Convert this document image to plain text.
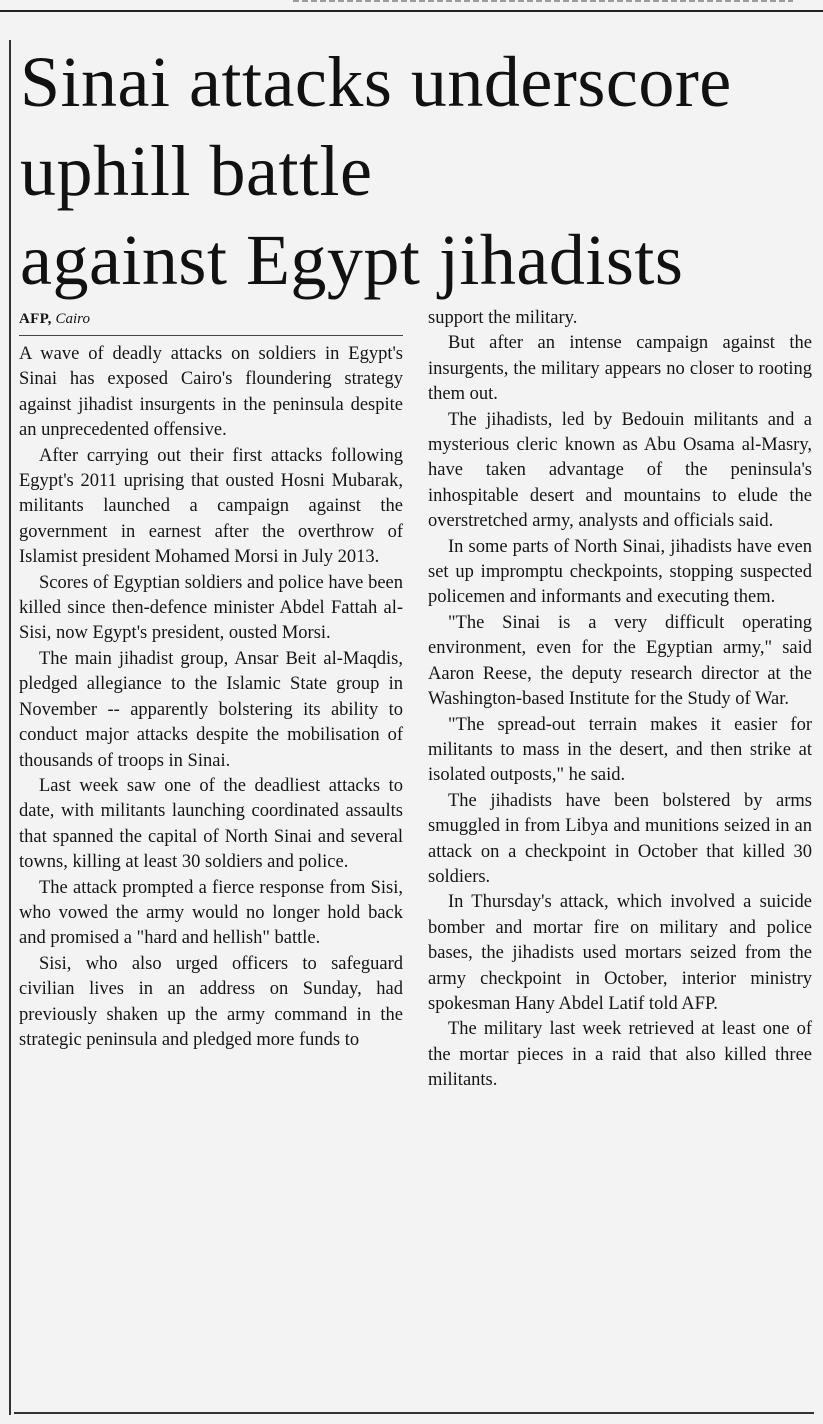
Sinai attacks underscore
uphill battle
against Egypt jihadists
AFP, Cairo

A wave of deadly attacks on soldiers in Egypt's Sinai has exposed Cairo's floundering strategy against jihadist insurgents in the peninsula despite an unprecedented offensive.

After carrying out their first attacks following Egypt's 2011 uprising that ousted Hosni Mubarak, militants launched a campaign against the government in earnest after the overthrow of Islamist president Mohamed Morsi in July 2013.

Scores of Egyptian soldiers and police have been killed since then-defence minister Abdel Fattah al-Sisi, now Egypt's president, ousted Morsi.

The main jihadist group, Ansar Beit al-Maqdis, pledged allegiance to the Islamic State group in November -- apparently bolstering its ability to conduct major attacks despite the mobilisation of thousands of troops in Sinai.

Last week saw one of the deadliest attacks to date, with militants launching coordinated assaults that spanned the capital of North Sinai and several towns, killing at least 30 soldiers and police.

The attack prompted a fierce response from Sisi, who vowed the army would no longer hold back and promised a "hard and hellish" battle.

Sisi, who also urged officers to safeguard civilian lives in an address on Sunday, had previously shaken up the army command in the strategic peninsula and pledged more funds to

support the military.

But after an intense campaign against the insurgents, the military appears no closer to rooting them out.

The jihadists, led by Bedouin militants and a mysterious cleric known as Abu Osama al-Masry, have taken advantage of the peninsula's inhospitable desert and mountains to elude the overstretched army, analysts and officials said.

In some parts of North Sinai, jihadists have even set up impromptu checkpoints, stopping suspected policemen and informants and executing them.

"The Sinai is a very difficult operating environment, even for the Egyptian army," said Aaron Reese, the deputy research director at the Washington-based Institute for the Study of War.

"The spread-out terrain makes it easier for militants to mass in the desert, and then strike at isolated outposts," he said.

The jihadists have been bolstered by arms smuggled in from Libya and munitions seized in an attack on a checkpoint in October that killed 30 soldiers.

In Thursday's attack, which involved a suicide bomber and mortar fire on military and police bases, the jihadists used mortars seized from the army checkpoint in October, interior ministry spokesman Hany Abdel Latif told AFP.

The military last week retrieved at least one of the mortar pieces in a raid that also killed three militants.
